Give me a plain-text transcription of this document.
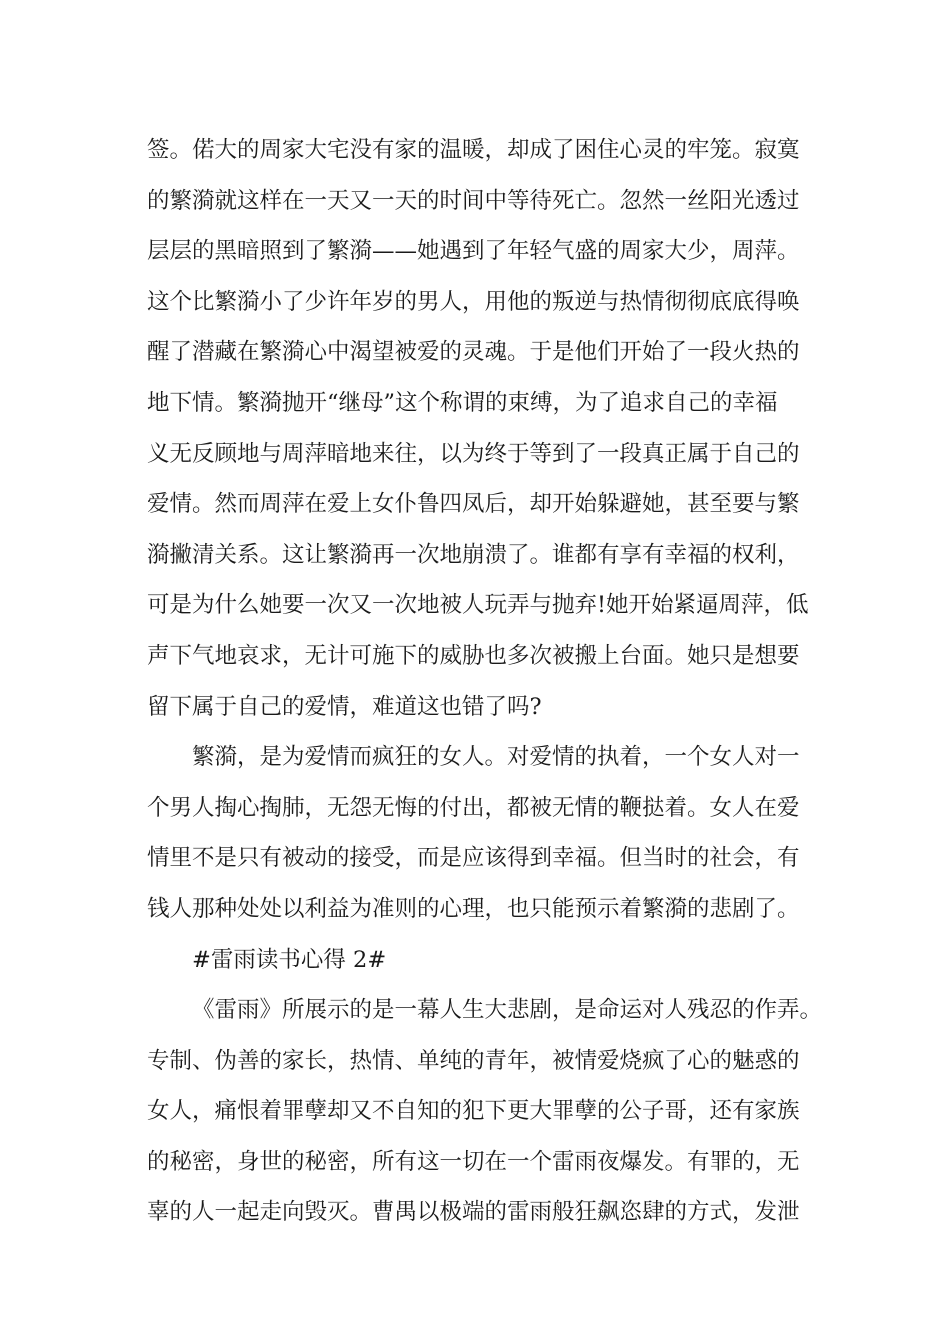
签。偌大的周家大宅没有家的温暖，却成了困住心灵的牢笼。寂寞
的繁漪就这样在一天又一天的时间中等待死亡。忽然一丝阳光透过
层层的黑暗照到了繁漪——她遇到了年轻气盛的周家大少，周萍。
这个比繁漪小了少许年岁的男人，用他的叛逆与热情彻彻底底得唤
醒了潜藏在繁漪心中渴望被爱的灵魂。于是他们开始了一段火热的
地下情。繁漪抛开“继母”这个称谓的束缚，为了追求自己的幸福
义无反顾地与周萍暗地来往，以为终于等到了一段真正属于自己的
爱情。然而周萍在爱上女仆鲁四凤后，却开始躲避她，甚至要与繁
漪撇清关系。这让繁漪再一次地崩溃了。谁都有享有幸福的权利，
可是为什么她要一次又一次地被人玩弄与抛弃!她开始紧逼周萍，低
声下气地哀求，无计可施下的威胁也多次被搬上台面。她只是想要
留下属于自己的爱情，难道这也错了吗?
繁漪，是为爱情而疯狂的女人。对爱情的执着，一个女人对一
个男人掏心掏肺，无怨无悔的付出，都被无情的鞭挞着。女人在爱
情里不是只有被动的接受，而是应该得到幸福。但当时的社会，有
钱人那种处处以利益为准则的心理，也只能预示着繁漪的悲剧了。
#雷雨读书心得 2#
《雷雨》所展示的是一幕人生大悲剧，是命运对人残忍的作弄。
专制、伪善的家长，热情、单纯的青年，被情爱烧疯了心的魅惑的
女人，痛恨着罪孽却又不自知的犯下更大罪孽的公子哥，还有家族
的秘密，身世的秘密，所有这一切在一个雷雨夜爆发。有罪的，无
辜的人一起走向毁灭。曹禺以极端的雷雨般狂飙恣肆的方式，发泄
